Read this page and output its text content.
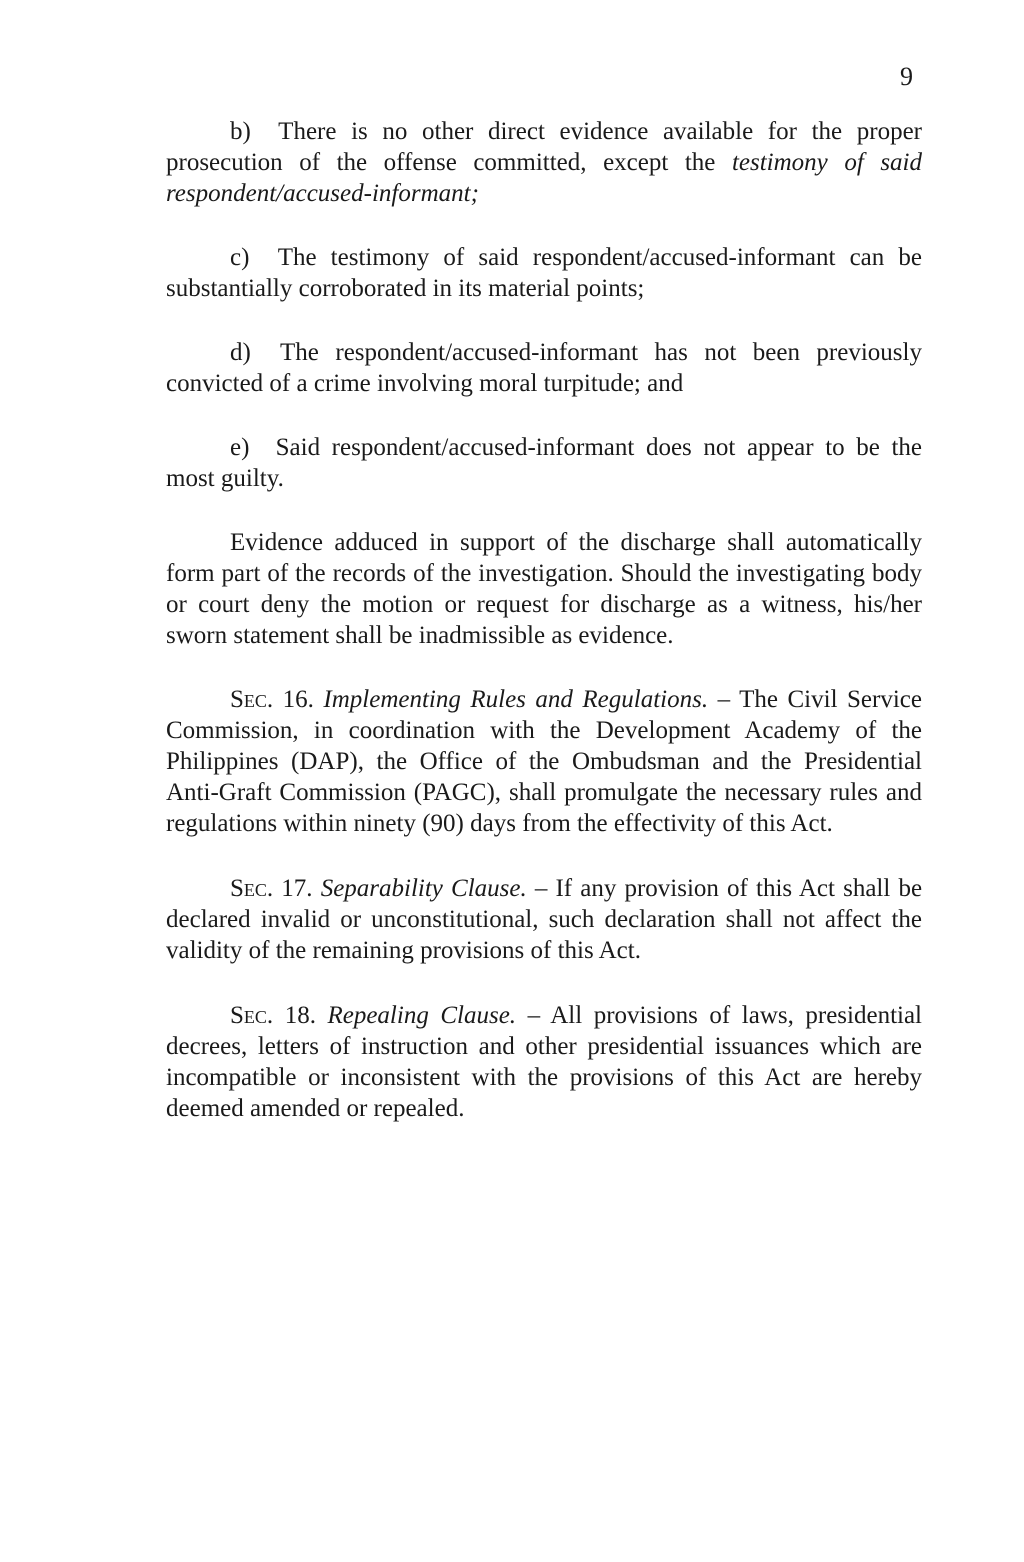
9

b) There is no other direct evidence available for the proper prosecution of the offense committed, except the testimony of said respondent/accused-informant;

c) The testimony of said respondent/accused-informant can be substantially corroborated in its material points;

d) The respondent/accused-informant has not been previously convicted of a crime involving moral turpitude; and

e) Said respondent/accused-informant does not appear to be the most guilty.

Evidence adduced in support of the discharge shall automatically form part of the records of the investigation. Should the investigating body or court deny the motion or request for discharge as a witness, his/her sworn statement shall be inadmissible as evidence.

Sec. 16. Implementing Rules and Regulations. – The Civil Service Commission, in coordination with the Development Academy of the Philippines (DAP), the Office of the Ombudsman and the Presidential Anti-Graft Commission (PAGC), shall promulgate the necessary rules and regulations within ninety (90) days from the effectivity of this Act.

Sec. 17. Separability Clause. – If any provision of this Act shall be declared invalid or unconstitutional, such declaration shall not affect the validity of the remaining provisions of this Act.

Sec. 18. Repealing Clause. – All provisions of laws, presidential decrees, letters of instruction and other presidential issuances which are incompatible or inconsistent with the provisions of this Act are hereby deemed amended or repealed.
